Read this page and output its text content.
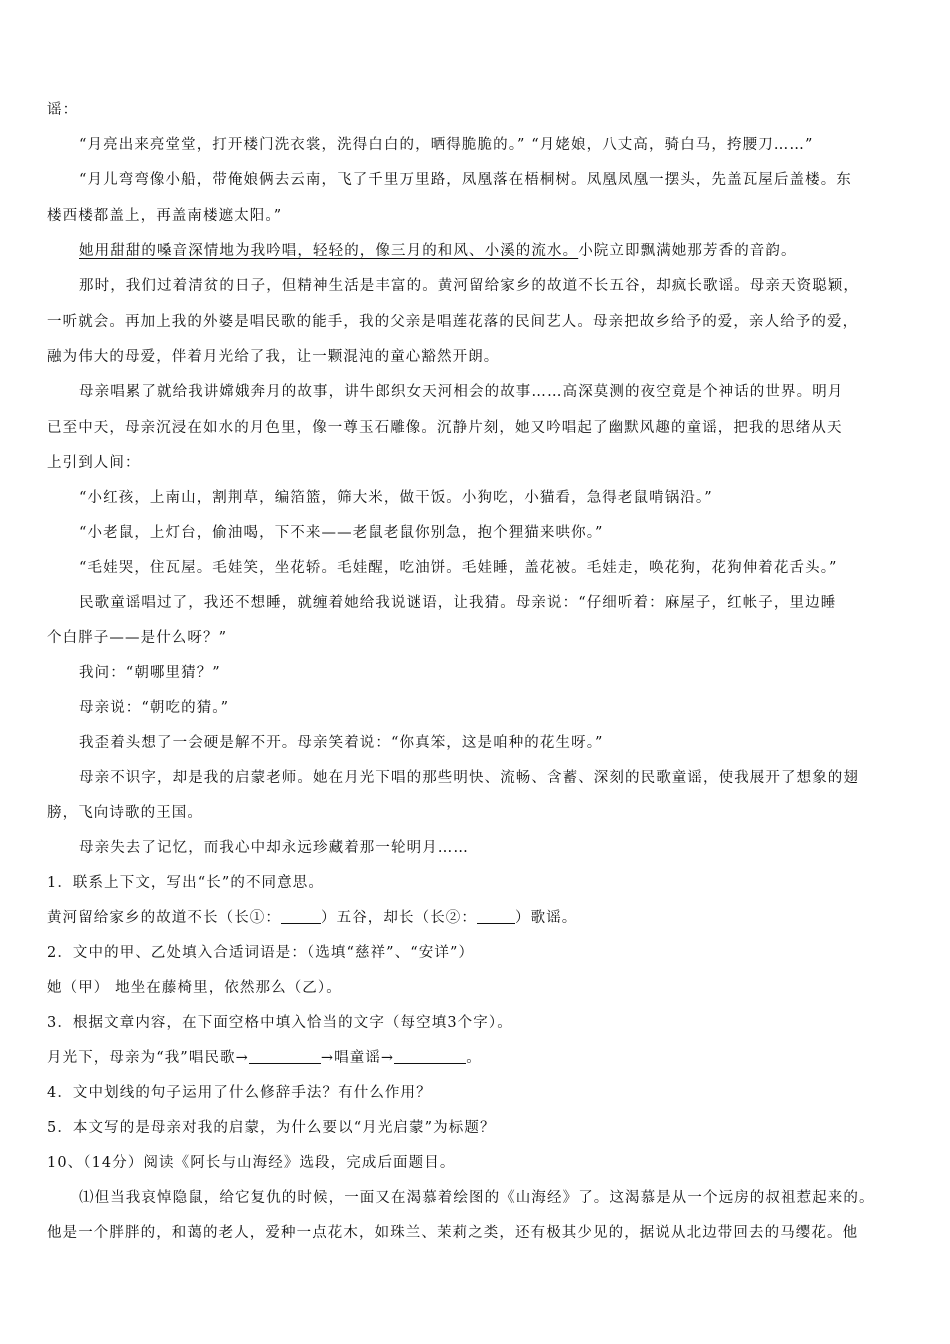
谣：

“月亮出来亮堂堂，打开楼门洗衣裳，洗得白白的，晒得脆脆的。” “月姥娘，八丈高，骑白马，挎腰刀……”

“月儿弯弯像小船，带俺娘俩去云南，飞了千里万里路，凤凰落在梧桐树。凤凰凤凰一摆头，先盖瓦屋后盖楼。东

楼西楼都盖上，再盖南楼遮太阳。”

她用甜甜的嗓音深情地为我吟唱，轻轻的，像三月的和风、小溪的流水。小院立即飘满她那芳香的音韵。

那时，我们过着清贫的日子，但精神生活是丰富的。黄河留给家乡的故道不长五谷，却疯长歌谣。母亲天资聪颖，

一听就会。再加上我的外婆是唱民歌的能手，我的父亲是唱莲花落的民间艺人。母亲把故乡给予的爱，亲人给予的爱，

融为伟大的母爱，伴着月光给了我，让一颗混沌的童心豁然开朗。

母亲唱累了就给我讲嫦娥奔月的故事，讲牛郎织女天河相会的故事……高深莫测的夜空竟是个神话的世界。明月

已至中天，母亲沉浸在如水的月色里，像一尊玉石雕像。沉静片刻，她又吟唱起了幽默风趣的童谣，把我的思绪从天

上引到人间：

“小红孩，上南山，割荆草，编箔篮，筛大米，做干饭。小狗吃，小猫看，急得老鼠啃锅沿。”

“小老鼠，上灯台，偷油喝，下不来——老鼠老鼠你别急，抱个狸猫来哄你。”

“毛娃哭，住瓦屋。毛娃笑，坐花轿。毛娃醒，吃油饼。毛娃睡，盖花被。毛娃走，唤花狗，花狗伸着花舌头。”

民歌童谣唱过了，我还不想睡，就缠着她给我说谜语，让我猜。母亲说：“仔细听着：麻屋子，红帐子，里边睡

个白胖子——是什么呀？”

我问：“朝哪里猜？”

母亲说：“朝吃的猜。”

我歪着头想了一会硬是解不开。母亲笑着说：“你真笨，这是咱种的花生呀。”

母亲不识字，却是我的启蒙老师。她在月光下唱的那些明快、流畅、含蓄、深刻的民歌童谣，使我展开了想象的翅

膀，飞向诗歌的王国。

母亲失去了记忆，而我心中却永远珍藏着那一轮明月……

1．联系上下文，写出“长”的不同意思。

黄河留给家乡的故道不长（长①：	）五谷，却长（长②：	）歌谣。

2．文中的甲、乙处填入合适词语是：（选填“慈祥”、“安详”）

她（甲） 地坐在藤椅里，依然那么（乙）。

3．根据文章内容，在下面空格中填入恰当的文字（每空填3个字）。

月光下，母亲为“我”唱民歌→	→唱童谣→	。

4．文中划线的句子运用了什么修辞手法？有什么作用？

5．本文写的是母亲对我的启蒙，为什么要以“月光启蒙”为标题？

10、（14分）阅读《阿长与山海经》选段，完成后面题目。

⑴但当我哀悼隐鼠，给它复仇的时候，一面又在渴慕着绘图的《山海经》了。这渴慕是从一个远房的叔祖惹起来的。

他是一个胖胖的，和蔼的老人，爱种一点花木，如珠兰、茉莉之类，还有极其少见的，据说从北边带回去的马缨花。他
